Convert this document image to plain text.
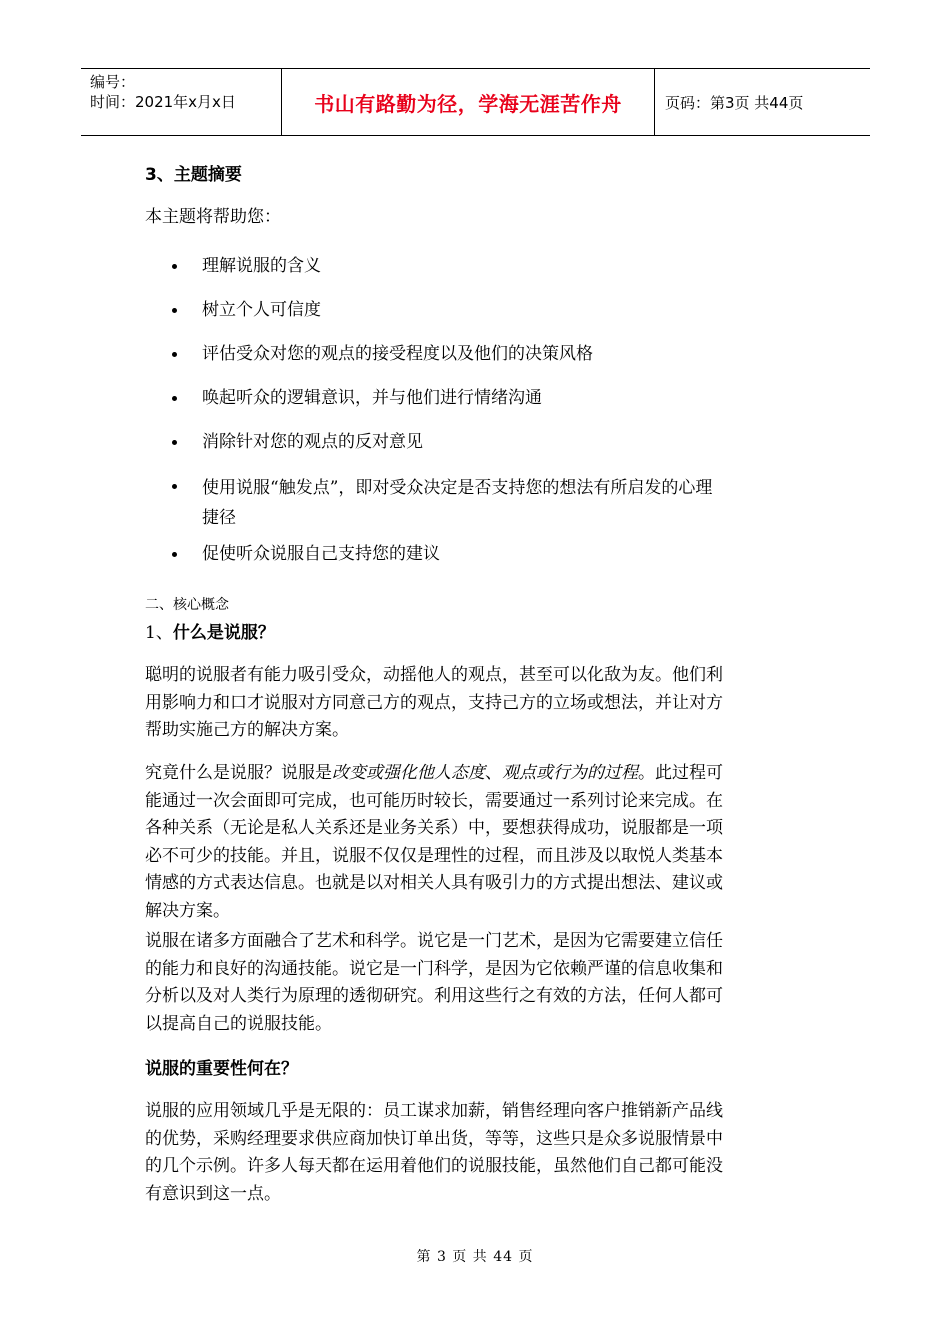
编号：
时间：2021年x月x日	书山有路勤为径，学海无涯苦作舟	页码：第3页 共44页
3、主题摘要
本主题将帮助您：
理解说服的含义
树立个人可信度
评估受众对您的观点的接受程度以及他们的决策风格
唤起听众的逻辑意识，并与他们进行情绪沟通
消除针对您的观点的反对意见
使用说服“触发点”，即对受众决定是否支持您的想法有所启发的心理
捷径
促使听众说服自己支持您的建议
二、核心概念
1、什么是说服？
聪明的说服者有能力吸引受众，动摇他人的观点，甚至可以化敌为友。他们利
用影响力和口才说服对方同意己方的观点，支持己方的立场或想法，并让对方
帮助实施己方的解决方案。
究竟什么是说服？说服是改变或强化他人态度、观点或行为的过程。此过程可
能通过一次会面即可完成，也可能历时较长，需要通过一系列讨论来完成。在
各种关系（无论是私人关系还是业务关系）中，要想获得成功，说服都是一项
必不可少的技能。并且，说服不仅仅是理性的过程，而且涉及以取悦人类基本
情感的方式表达信息。也就是以对相关人具有吸引力的方式提出想法、建议或
解决方案。
说服在诸多方面融合了艺术和科学。说它是一门艺术，是因为它需要建立信任
的能力和良好的沟通技能。说它是一门科学，是因为它依赖严谨的信息收集和
分析以及对人类行为原理的透彻研究。利用这些行之有效的方法，任何人都可
以提高自己的说服技能。
说服的重要性何在？
说服的应用领域几乎是无限的：员工谋求加薪，销售经理向客户推销新产品线
的优势，采购经理要求供应商加快订单出货，等等，这些只是众多说服情景中
的几个示例。许多人每天都在运用着他们的说服技能，虽然他们自己都可能没
有意识到这一点。
第 3 页 共 44 页
